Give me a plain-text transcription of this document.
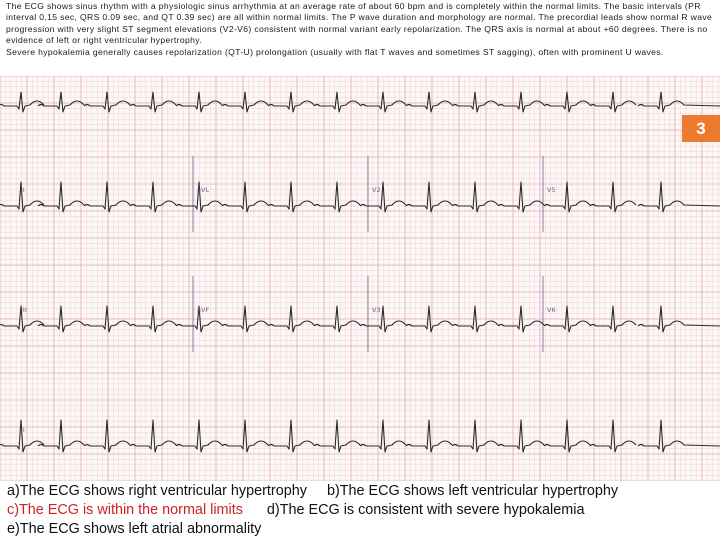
The ECG shows sinus rhythm with a physiologic sinus arrhythmia at an average rate of about 60 bpm and is completely within the normal limits. The basic intervals (PR interval 0.15 sec, QRS 0.09 sec, and QT 0.39 sec) are all within normal limits. The P wave duration and morphology are normal. The precordial leads show normal R wave progression with very slight ST segment elevations (V2-V6) consistent with normal variant early repolarization. The QRS axis is normal at about +60 degrees. There is no evidence of left or right ventricular hypertrophy.

Severe hypokalemia generally causes repolarization (QT-U) prolongation (usually with flat T waves and sometimes ST sagging), often with prominent U waves.

II	aVL	V2	V5
III	aVF	V3	V6
II
3
a)The ECG shows right ventricular hypertrophy b)The ECG shows left ventricular hypertrophy
c)The ECG is within the normal limits d)The ECG is consistent with severe hypokalemia
e)The ECG shows left atrial abnormality
